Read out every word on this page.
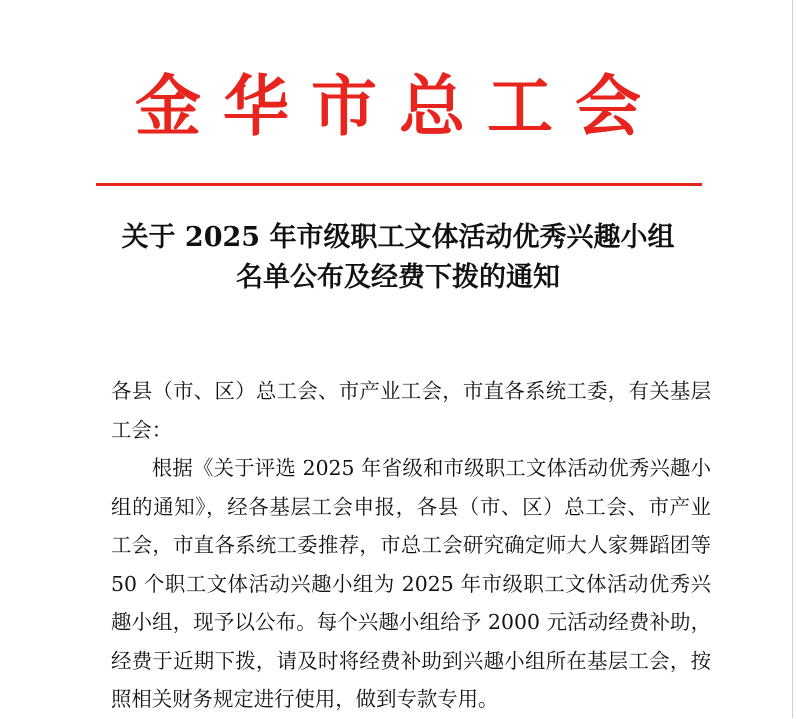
金华市总工会
关于 2025 年市级职工文体活动优秀兴趣小组
名单公布及经费下拨的通知

各县（市、区）总工会、市产业工会，市直各系统工委，有关基层工会：

根据《关于评选 2025 年省级和市级职工文体活动优秀兴趣小组的通知》，经各基层工会申报，各县（市、区）总工会、市产业工会，市直各系统工委推荐，市总工会研究确定师大人家舞蹈团等 50 个职工文体活动兴趣小组为 2025 年市级职工文体活动优秀兴趣小组，现予以公布。每个兴趣小组给予 2000 元活动经费补助，经费于近期下拨，请及时将经费补助到兴趣小组所在基层工会，按照相关财务规定进行使用，做到专款专用。
